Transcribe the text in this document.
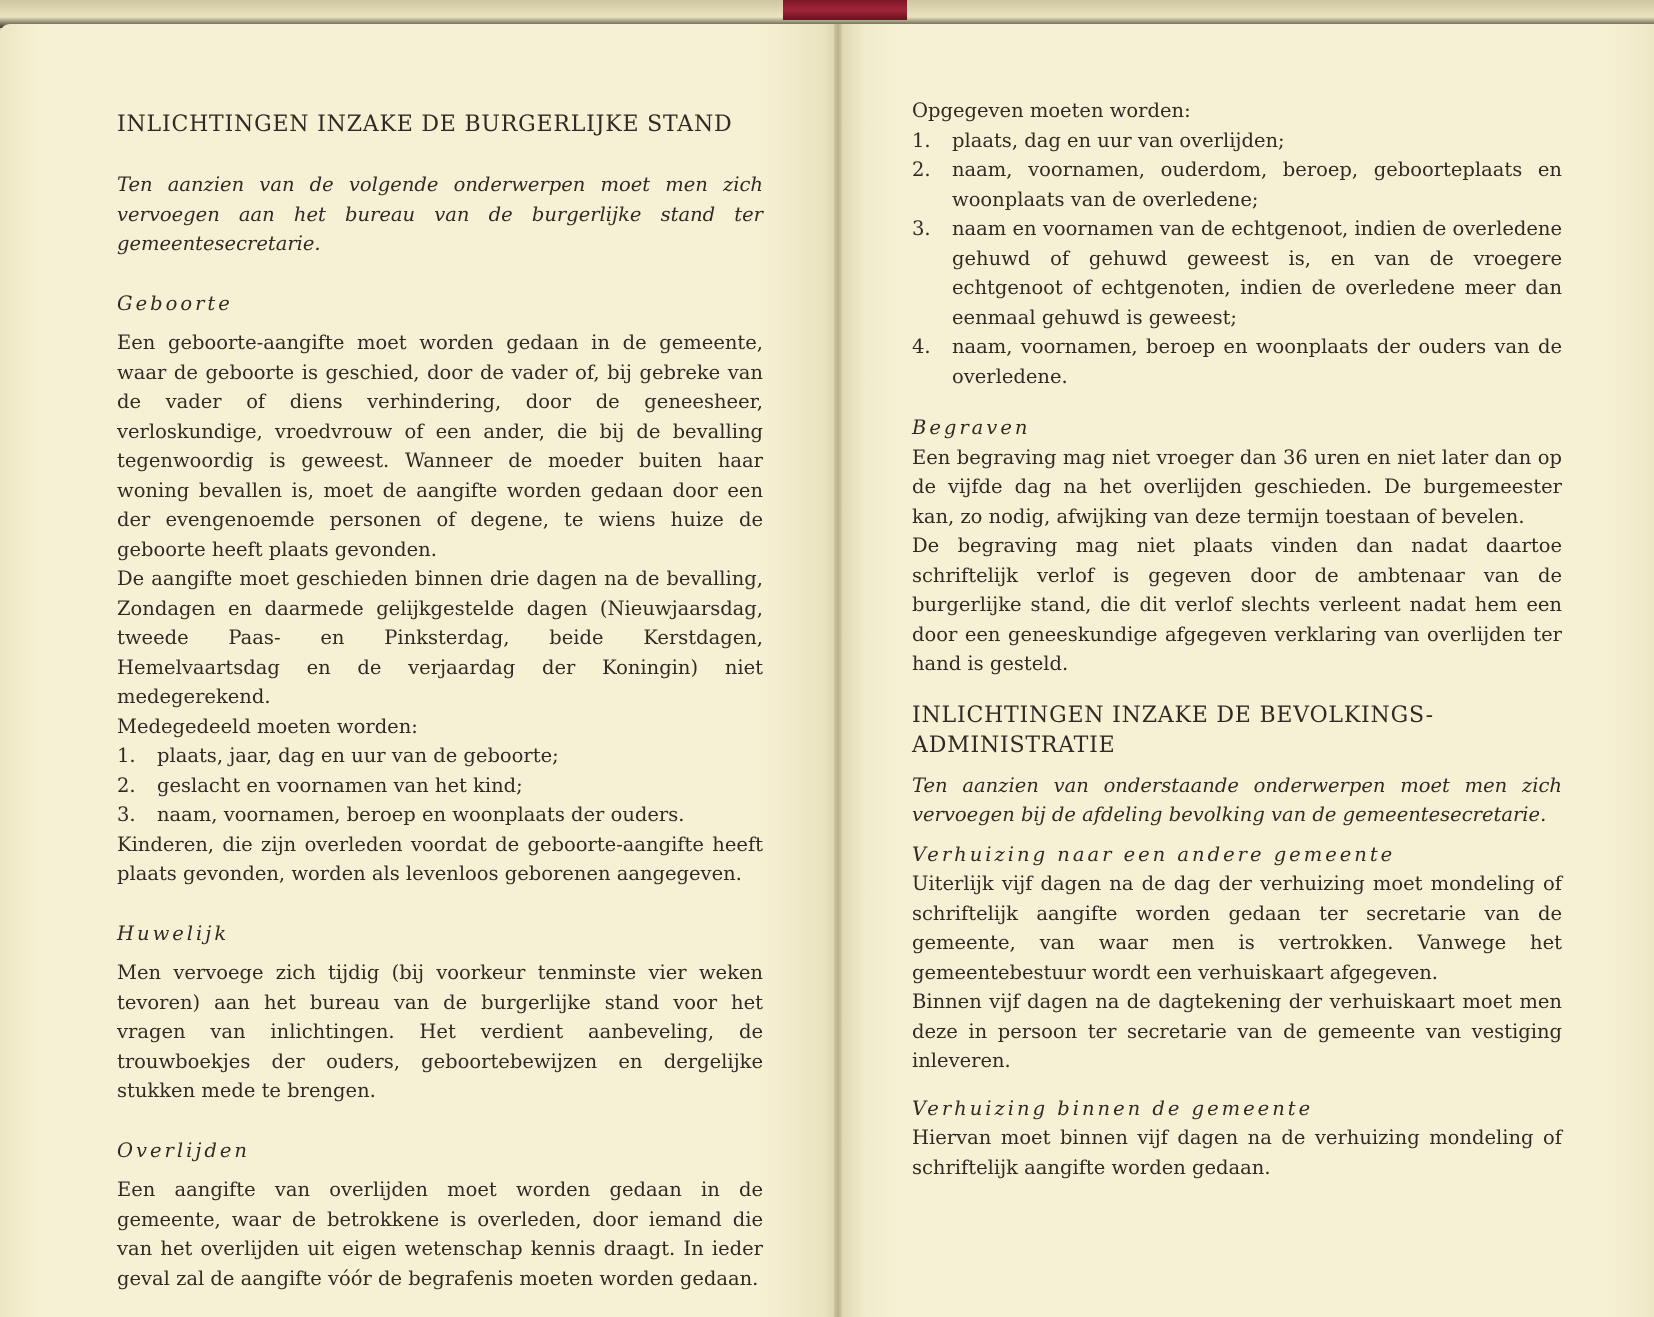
INLICHTINGEN INZAKE DE BURGERLIJKE STAND

Ten aanzien van de volgende onderwerpen moet men zich vervoegen aan het bureau van de burgerlijke stand ter gemeentesecretarie.

Geboorte

Een geboorte-aangifte moet worden gedaan in de gemeente, waar de geboorte is geschied, door de vader of, bij gebreke van de vader of diens verhindering, door de geneesheer, verloskundige, vroedvrouw of een ander, die bij de bevalling tegenwoordig is geweest. Wanneer de moeder buiten haar woning bevallen is, moet de aangifte worden gedaan door een der evengenoemde personen of degene, te wiens huize de geboorte heeft plaats gevonden.

De aangifte moet geschieden binnen drie dagen na de bevalling, Zondagen en daarmede gelijkgestelde dagen (Nieuwjaarsdag, tweede Paas- en Pinksterdag, beide Kerstdagen, Hemelvaartsdag en de verjaardag der Koningin) niet medegerekend.

Medegedeeld moeten worden:

1. plaats, jaar, dag en uur van de geboorte;
2. geslacht en voornamen van het kind;
3. naam, voornamen, beroep en woonplaats der ouders.

Kinderen, die zijn overleden voordat de geboorte-aangifte heeft plaats gevonden, worden als levenloos geborenen aangegeven.

Huwelijk

Men vervoege zich tijdig (bij voorkeur tenminste vier weken tevoren) aan het bureau van de burgerlijke stand voor het vragen van inlichtingen. Het verdient aanbeveling, de trouwboekjes der ouders, geboortebewijzen en dergelijke stukken mede te brengen.

Overlijden

Een aangifte van overlijden moet worden gedaan in de gemeente, waar de betrokkene is overleden, door iemand die van het overlijden uit eigen wetenschap kennis draagt. In ieder geval zal de aangifte vóór de begrafenis moeten worden gedaan.

Opgegeven moeten worden:

1. plaats, dag en uur van overlijden;
2. naam, voornamen, ouderdom, beroep, geboorteplaats en woonplaats van de overledene;
3. naam en voornamen van de echtgenoot, indien de overledene gehuwd of gehuwd geweest is, en van de vroegere echtgenoot of echtgenoten, indien de overledene meer dan eenmaal gehuwd is geweest;
4. naam, voornamen, beroep en woonplaats der ouders van de overledene.

Begraven

Een begraving mag niet vroeger dan 36 uren en niet later dan op de vijfde dag na het overlijden geschieden. De burgemeester kan, zo nodig, afwijking van deze termijn toestaan of bevelen.

De begraving mag niet plaats vinden dan nadat daartoe schriftelijk verlof is gegeven door de ambtenaar van de burgerlijke stand, die dit verlof slechts verleent nadat hem een door een geneeskundige afgegeven verklaring van overlijden ter hand is gesteld.

INLICHTINGEN INZAKE DE BEVOLKINGS-ADMINISTRATIE

Ten aanzien van onderstaande onderwerpen moet men zich vervoegen bij de afdeling bevolking van de gemeentesecretarie.

Verhuizing naar een andere gemeente

Uiterlijk vijf dagen na de dag der verhuizing moet mondeling of schriftelijk aangifte worden gedaan ter secretarie van de gemeente, van waar men is vertrokken. Vanwege het gemeentebestuur wordt een verhuiskaart afgegeven.

Binnen vijf dagen na de dagtekening der verhuiskaart moet men deze in persoon ter secretarie van de gemeente van vestiging inleveren.

Verhuizing binnen de gemeente

Hiervan moet binnen vijf dagen na de verhuizing mondeling of schriftelijk aangifte worden gedaan.
